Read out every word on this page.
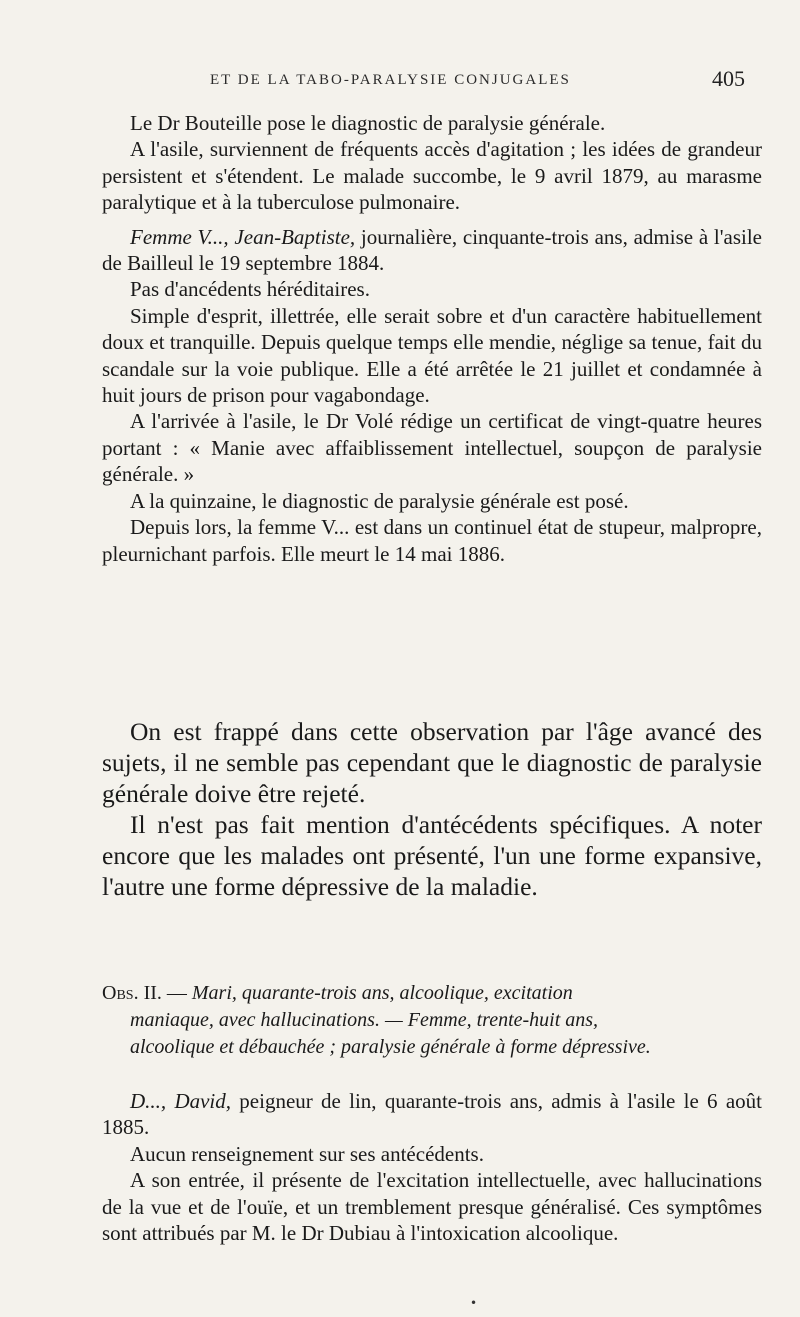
ET DE LA TABO-PARALYSIE CONJUGALES	405

Le Dr Bouteille pose le diagnostic de paralysie générale.

A l'asile, surviennent de fréquents accès d'agitation ; les idées de grandeur persistent et s'étendent. Le malade succombe, le 9 avril 1879, au marasme paralytique et à la tuberculose pulmonaire.

Femme V..., Jean-Baptiste, journalière, cinquante-trois ans, admise à l'asile de Bailleul le 19 septembre 1884.

Pas d'ancédents héréditaires.

Simple d'esprit, illettrée, elle serait sobre et d'un caractère habituellement doux et tranquille. Depuis quelque temps elle mendie, néglige sa tenue, fait du scandale sur la voie publique. Elle a été arrêtée le 21 juillet et condamnée à huit jours de prison pour vagabondage.

A l'arrivée à l'asile, le Dr Volé rédige un certificat de vingt-quatre heures portant : « Manie avec affaiblissement intellectuel, soupçon de paralysie générale. »

A la quinzaine, le diagnostic de paralysie générale est posé.

Depuis lors, la femme V... est dans un continuel état de stupeur, malpropre, pleurnichant parfois. Elle meurt le 14 mai 1886.

On est frappé dans cette observation par l'âge avancé des sujets, il ne semble pas cependant que le diagnostic de paralysie générale doive être rejeté.

Il n'est pas fait mention d'antécédents spécifiques. A noter encore que les malades ont présenté, l'un une forme expansive, l'autre une forme dépressive de la maladie.

Obs. II. — Mari, quarante-trois ans, alcoolique, excitation
maniaque, avec hallucinations. — Femme, trente-huit ans,
alcoolique et débauchée ; paralysie générale à forme dépressive.

D..., David, peigneur de lin, quarante-trois ans, admis à l'asile le 6 août 1885.

Aucun renseignement sur ses antécédents.

A son entrée, il présente de l'excitation intellectuelle, avec hallucinations de la vue et de l'ouïe, et un tremblement presque généralisé. Ces symptômes sont attribués par M. le Dr Dubiau à l'intoxication alcoolique.

•
